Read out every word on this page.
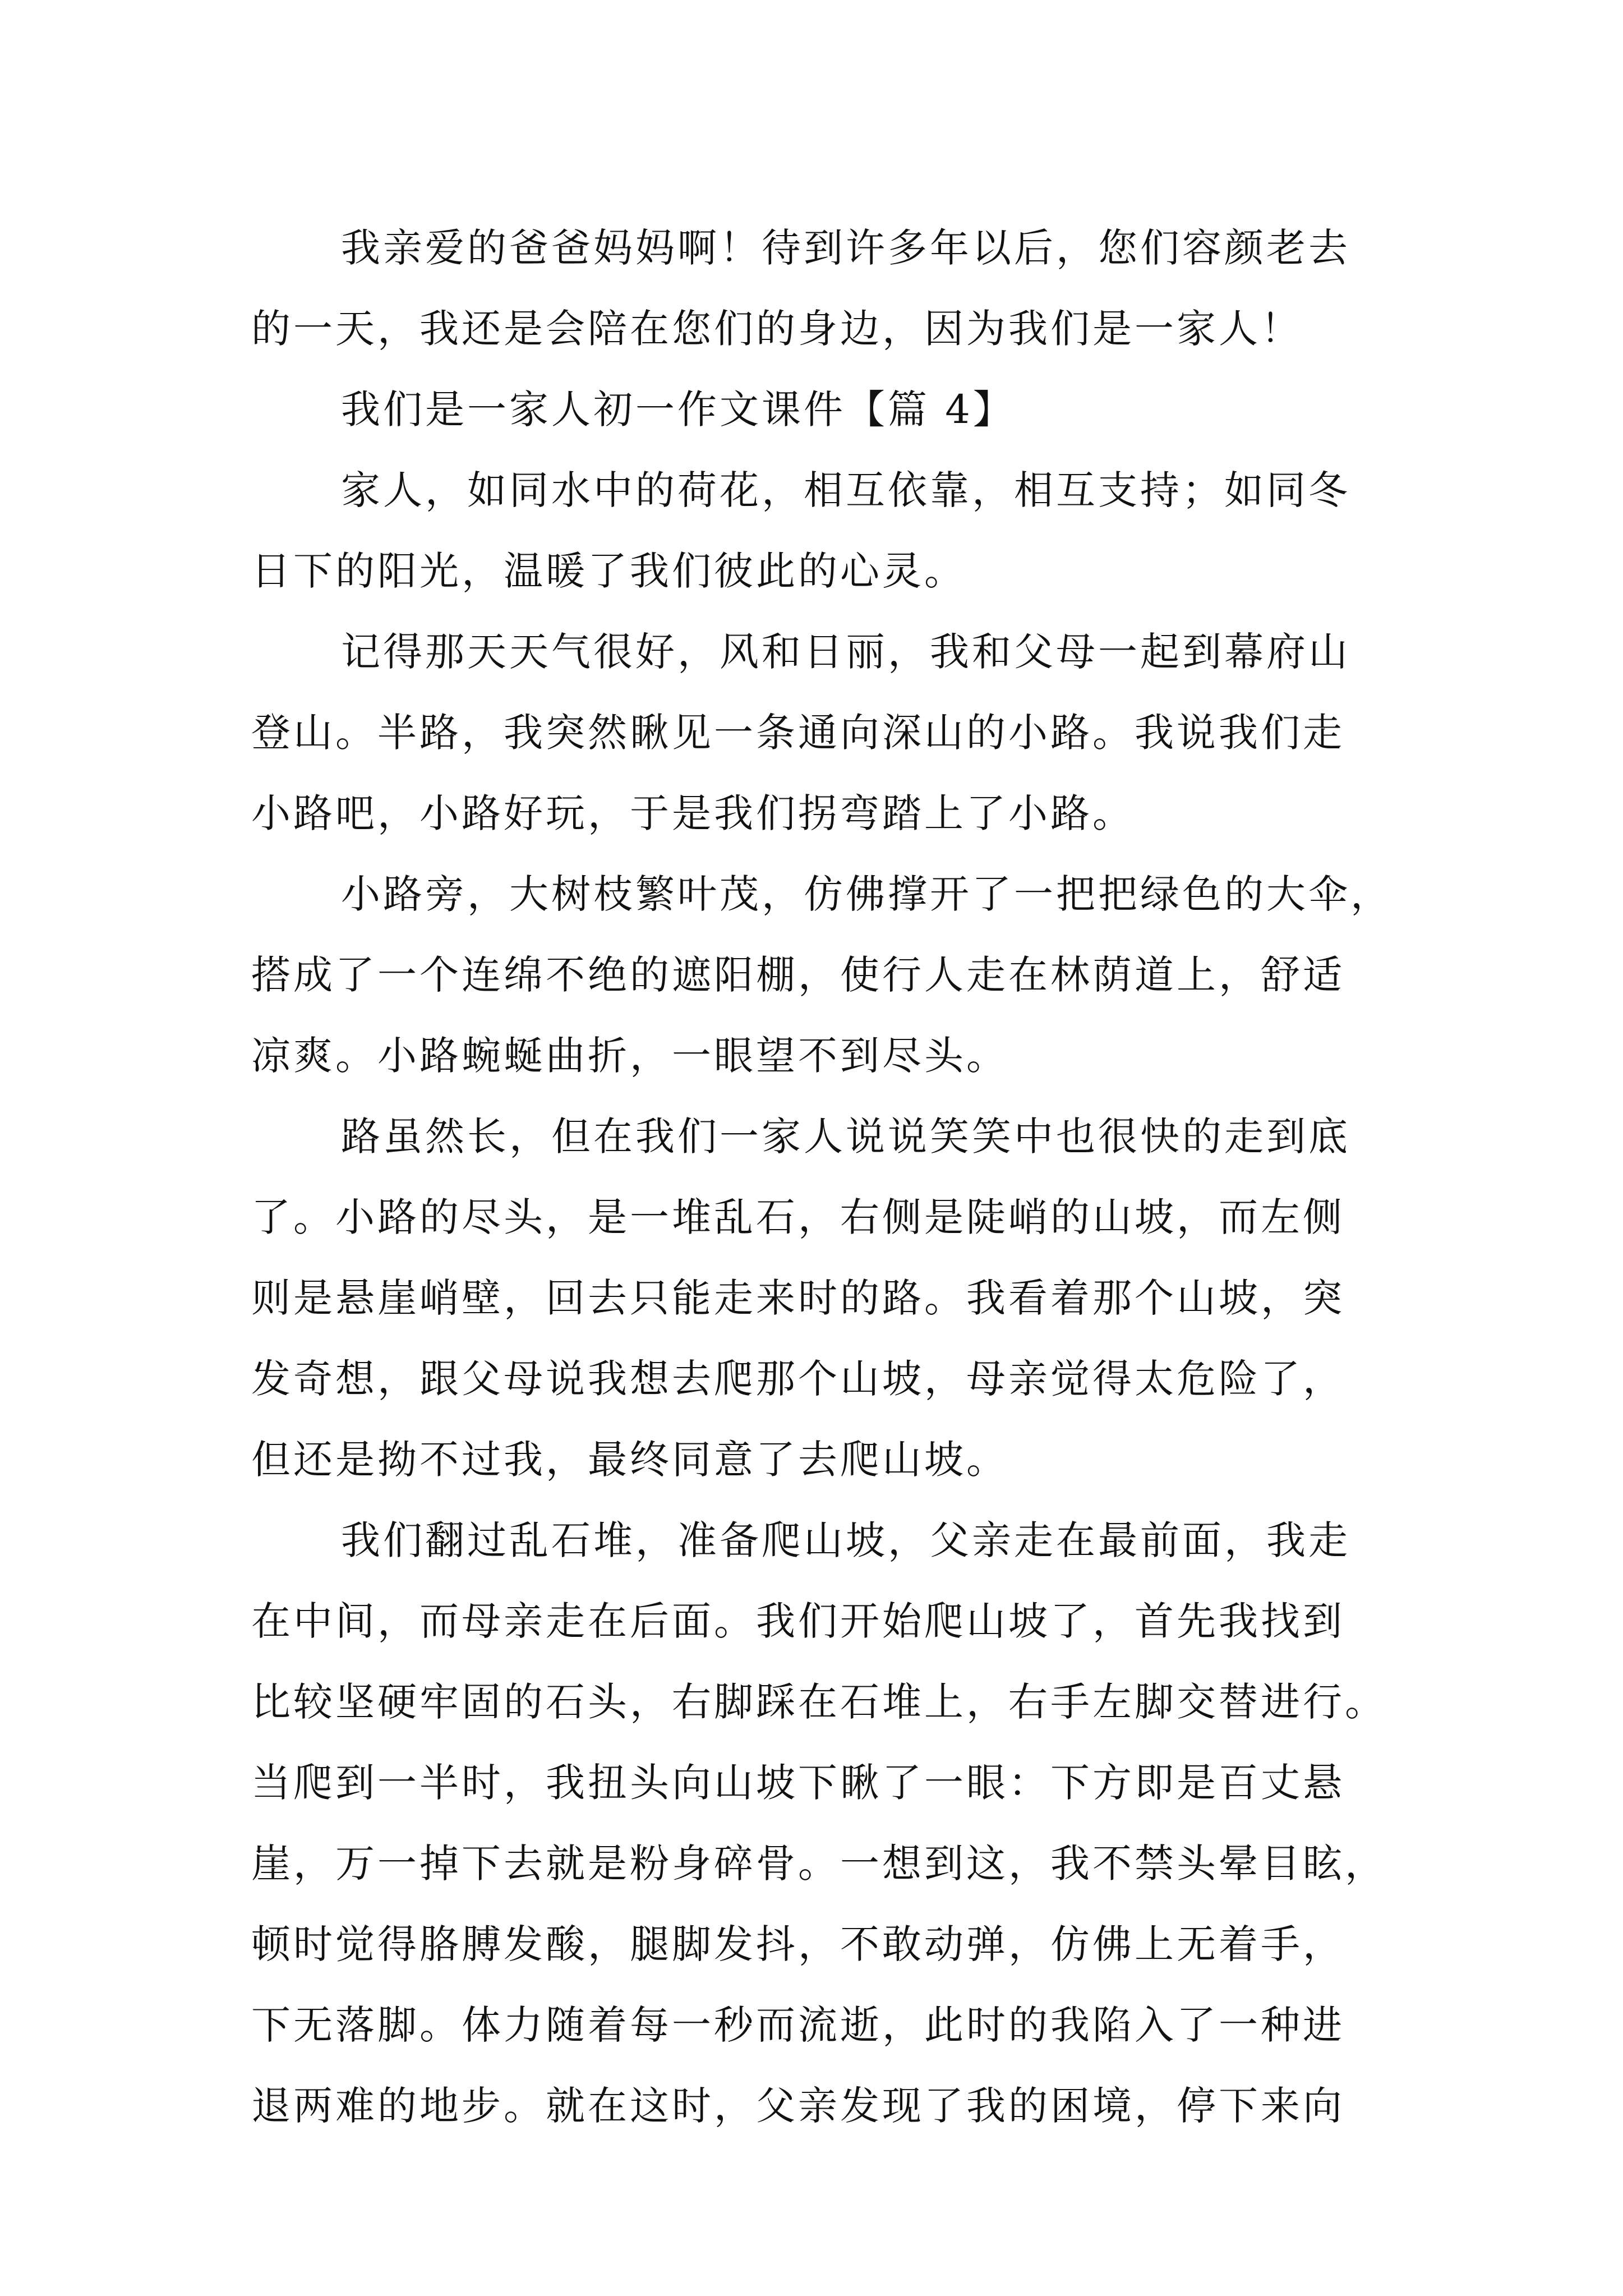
我亲爱的爸爸妈妈啊！待到许多年以后，您们容颜老去
的一天，我还是会陪在您们的身边，因为我们是一家人！
我们是一家人初一作文课件【篇 4】
家人，如同水中的荷花，相互依靠，相互支持；如同冬
日下的阳光，温暖了我们彼此的心灵。
记得那天天气很好，风和日丽，我和父母一起到幕府山
登山。半路，我突然瞅见一条通向深山的小路。我说我们走
小路吧，小路好玩，于是我们拐弯踏上了小路。
小路旁，大树枝繁叶茂，仿佛撑开了一把把绿色的大伞，
搭成了一个连绵不绝的遮阳棚，使行人走在林荫道上，舒适
凉爽。小路蜿蜒曲折，一眼望不到尽头。
路虽然长，但在我们一家人说说笑笑中也很快的走到底
了。小路的尽头，是一堆乱石，右侧是陡峭的山坡，而左侧
则是悬崖峭壁，回去只能走来时的路。我看着那个山坡，突
发奇想，跟父母说我想去爬那个山坡，母亲觉得太危险了，
但还是拗不过我，最终同意了去爬山坡。
我们翻过乱石堆，准备爬山坡，父亲走在最前面，我走
在中间，而母亲走在后面。我们开始爬山坡了，首先我找到
比较坚硬牢固的石头，右脚踩在石堆上，右手左脚交替进行。
当爬到一半时，我扭头向山坡下瞅了一眼：下方即是百丈悬
崖，万一掉下去就是粉身碎骨。一想到这，我不禁头晕目眩，
顿时觉得胳膊发酸，腿脚发抖，不敢动弹，仿佛上无着手，
下无落脚。体力随着每一秒而流逝，此时的我陷入了一种进
退两难的地步。就在这时，父亲发现了我的困境，停下来向
